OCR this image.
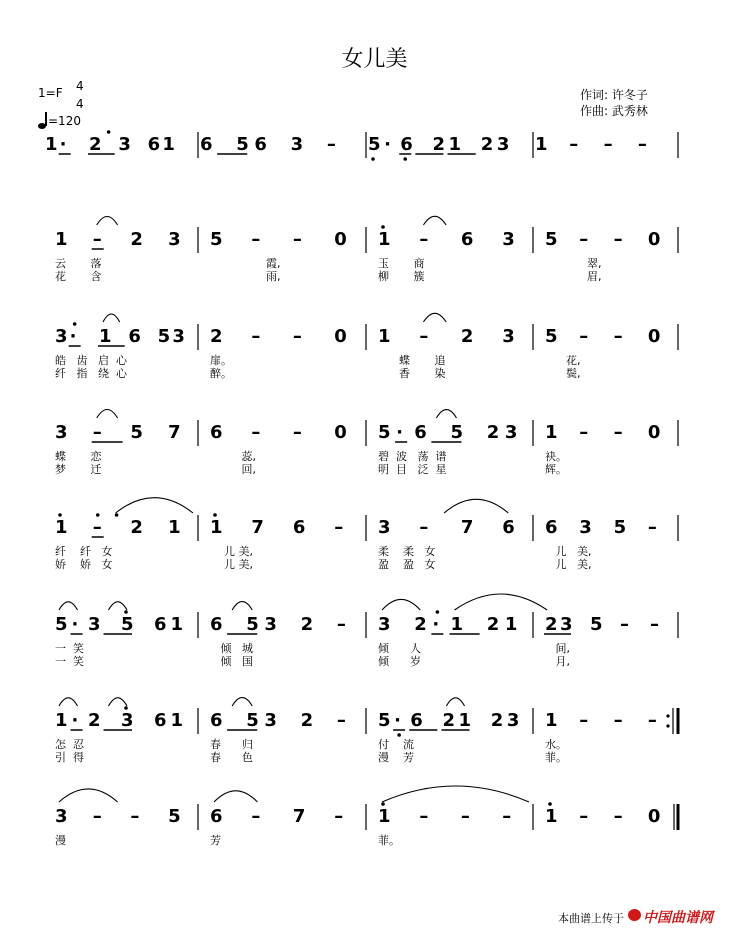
女儿美
1=F 4
4
=120
作词: 许冬子
作曲: 武秀林
1 · 2 3 6 1 6 5 6 3 – 5 · 6 2 1 2 3 1 – – –
1 – 2 3
云       落
花       含
5 – – 0
霞,
雨,
1 – 6 3
玉       商
柳       簇
5 – – 0
翠,
眉,
3 · 1 6 5 3
皓   齿   启  心
纤   指   绕  心
2 – – 0
扉。
醉。
1 – 2 3
蝶       追
香       染
5 – – 0
花,
鬓,
3 – 5 7
蝶       恋
梦       迁
6 – – 0
蕊,
回,
5 · 6 5 2 3
碧  波   荡  谱
明  目   泛  星
1 – – 0
袂。
辉。
1 – 2 1
纤    纤   女
娇    娇   女
1 7 6 –
儿 美,
儿 美,
3 – 7 6
柔    柔   女
盈    盈   女
6 3 5 –
儿   美,
儿   美,
5 · 3 5 6 1
一  笑
一  笑
6 5 3 2 –
倾   城
倾   国
3 2 · 1 2 1
倾      人
倾      岁
2 3 5 – –
间,
月,
1 · 2 3 6 1
怎  忍
引  得
6 5 3 2 –
春      归
春      色
5 · 6 2 1 2 3
付    流
漫    芳
1 – – –
水。
菲。
3 – – 5
漫
6 – 7 –
芳
1 – – –
菲。
1 – – 0
本曲谱上传于 中国曲谱网
